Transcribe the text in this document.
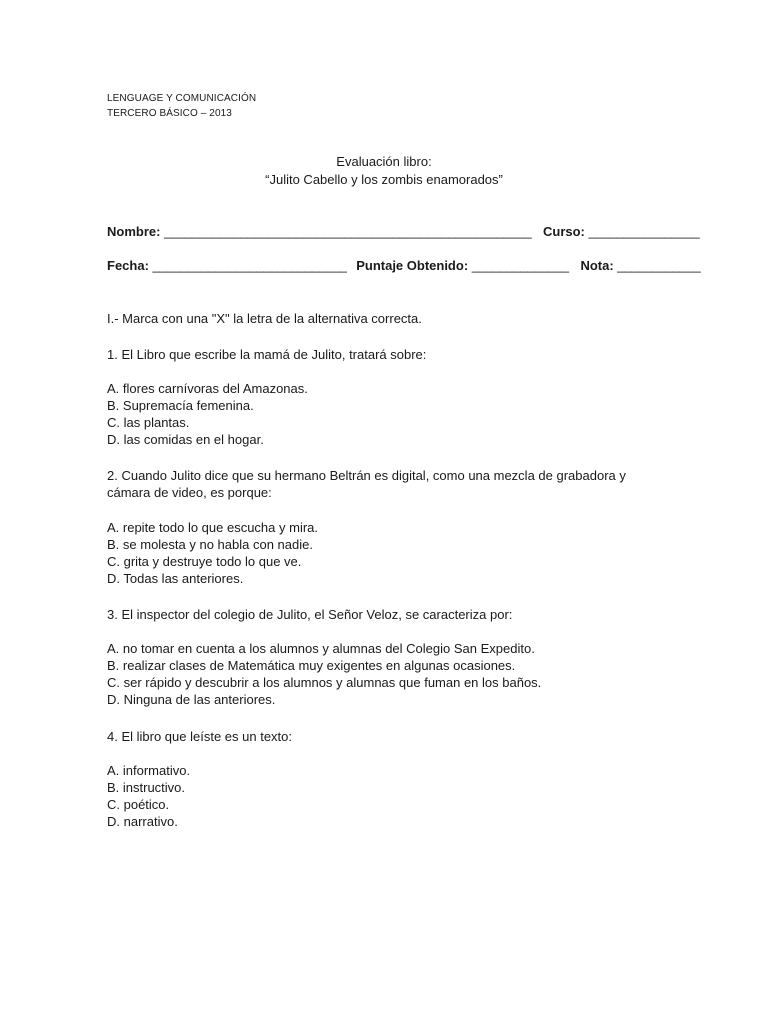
LENGUAGE Y COMUNICACIÓN
TERCERO BÁSICO – 2013
Evaluación libro:
“Julito Cabello y los zombis enamorados”
Nombre: _____________________________________________________ Curso: ________________
Fecha: ____________________________ Puntaje Obtenido: ______________ Nota: ____________
I.- Marca con una "X" la letra de la alternativa correcta.
1. El Libro que escribe la mamá de Julito, tratará sobre:
A. flores carnívoras del Amazonas.
B. Supremacía femenina.
C. las plantas.
D. las comidas en el hogar.
2. Cuando Julito dice que su hermano Beltrán es digital, como una mezcla de grabadora y cámara de video, es porque:
A. repite todo lo que escucha y mira.
B. se molesta y no habla con nadie.
C. grita y destruye todo lo que ve.
D. Todas las anteriores.
3. El inspector del colegio de Julito, el Señor Veloz, se caracteriza por:
A. no tomar en cuenta a los alumnos y alumnas del Colegio San Expedito.
B. realizar clases de Matemática muy exigentes en algunas ocasiones.
C. ser rápido y descubrir a los alumnos y alumnas que fuman en los baños.
D. Ninguna de las anteriores.
4. El libro que leíste es un texto:
A. informativo.
B. instructivo.
C. poético.
D. narrativo.
